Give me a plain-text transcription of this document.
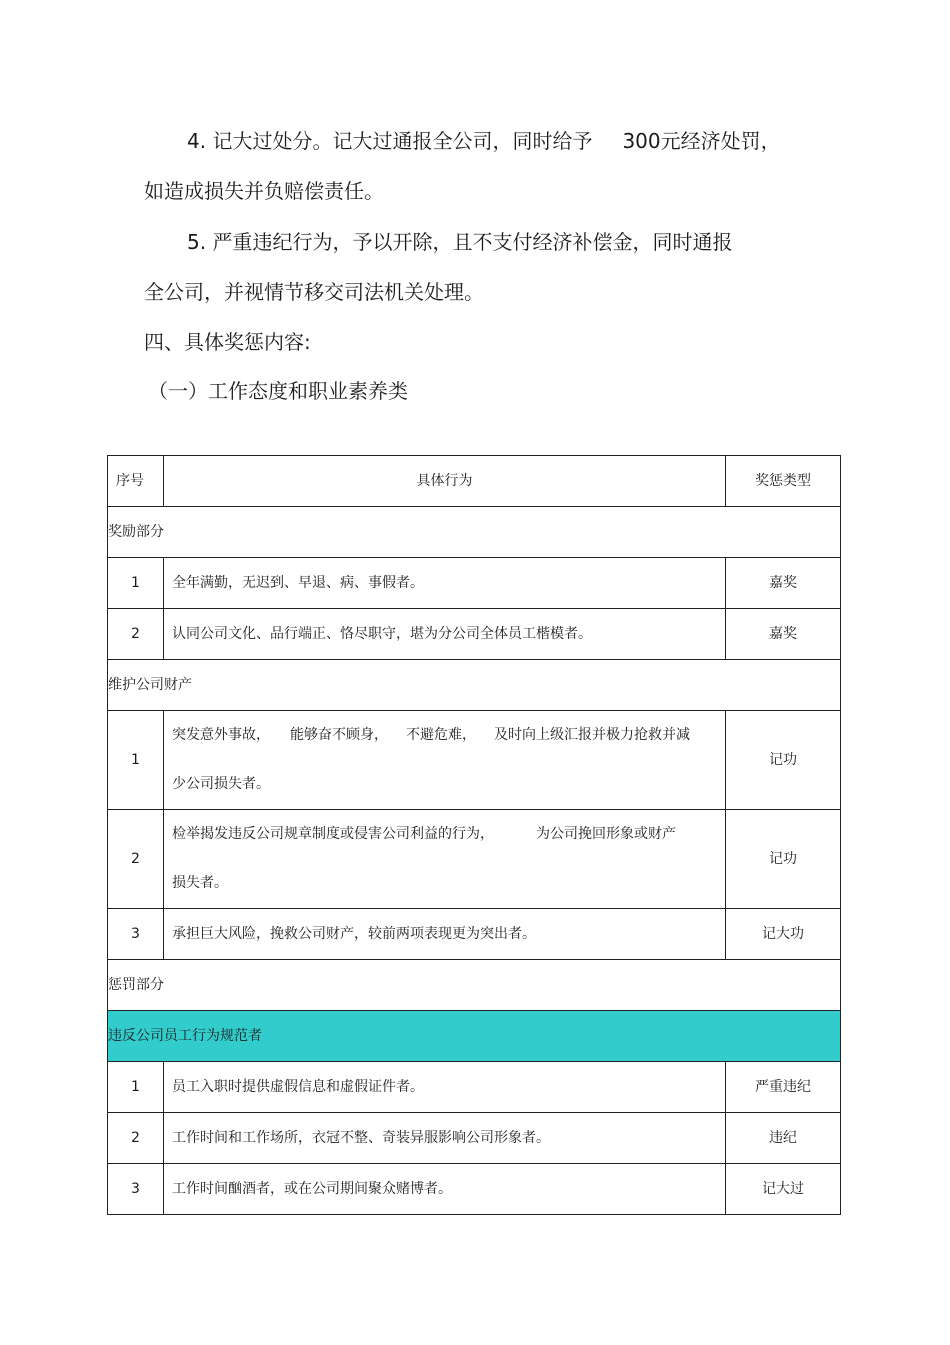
4. 记大过处分。记大过通报全公司，同时给予 300元经济处罚，
如造成损失并负赔偿责任。
5. 严重违纪行为，予以开除，且不支付经济补偿金，同时通报
全公司，并视情节移交司法机关处理。
四、具体奖惩内容:
（一）工作态度和职业素养类
序号	具体行为	奖惩类型
奖励部分		
1	全年满勤，无迟到、早退、病、事假者。	嘉奖
2	认同公司文化、品行端正、恪尽职守，堪为分公司全体员工楷模者。	嘉奖
维护公司财产		
1	突发意外事故， 能够奋不顾身， 不避危难， 及时向上级汇报并极力抢救并减
少公司损失者。	记功
2	检举揭发违反公司规章制度或侵害公司利益的行为， 为公司挽回形象或财产
损失者。	记功
3	承担巨大风险，挽救公司财产，较前两项表现更为突出者。	记大功
惩罚部分		
违反公司员工行为规范者		
1	员工入职时提供虚假信息和虚假证件者。	严重违纪
2	工作时间和工作场所，衣冠不整、奇装异服影响公司形象者。	违纪
3	工作时间酗酒者，或在公司期间聚众赌博者。	记大过
